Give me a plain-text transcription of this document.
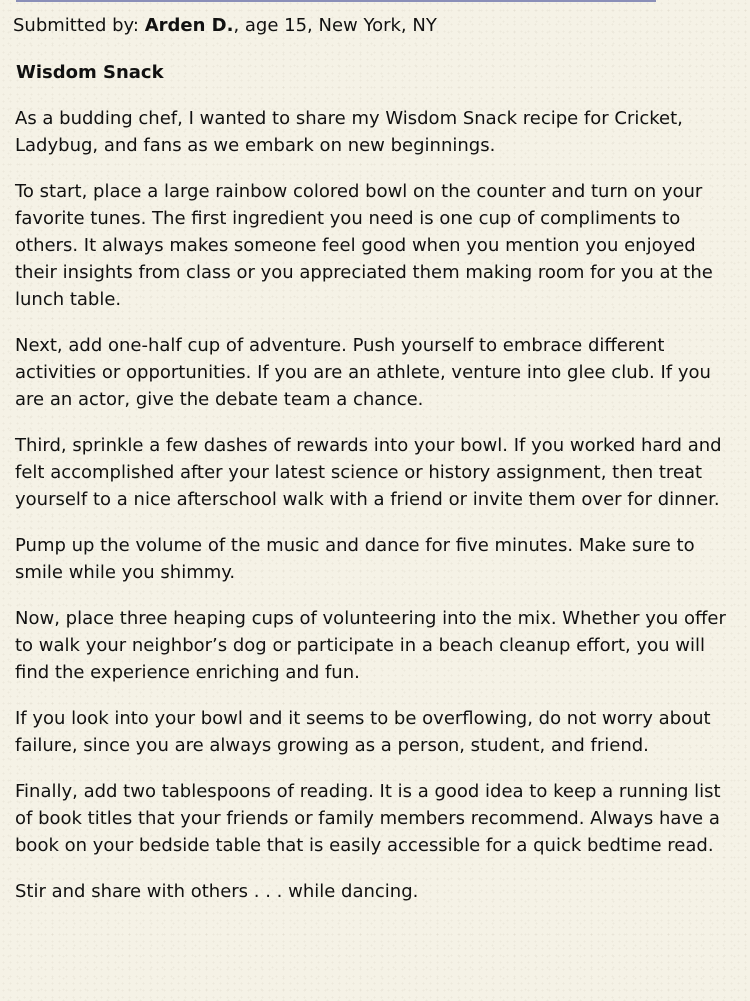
Submitted by: Arden D., age 15, New York, NY
Wisdom Snack

As a budding chef, I wanted to share my Wisdom Snack recipe for Cricket, Ladybug, and fans as we embark on new beginnings.

To start, place a large rainbow colored bowl on the counter and turn on your favorite tunes. The first ingredient you need is one cup of compliments to others. It always makes someone feel good when you mention you enjoyed their insights from class or you appreciated them making room for you at the lunch table.

Next, add one-half cup of adventure. Push yourself to embrace different activities or opportunities. If you are an athlete, venture into glee club. If you are an actor, give the debate team a chance.

Third, sprinkle a few dashes of rewards into your bowl. If you worked hard and felt accomplished after your latest science or history assignment, then treat yourself to a nice afterschool walk with a friend or invite them over for dinner.

Pump up the volume of the music and dance for five minutes. Make sure to smile while you shimmy.

Now, place three heaping cups of volunteering into the mix. Whether you offer to walk your neighbor’s dog or participate in a beach cleanup effort, you will find the experience enriching and fun.

If you look into your bowl and it seems to be overflowing, do not worry about failure, since you are always growing as a person, student, and friend.

Finally, add two tablespoons of reading. It is a good idea to keep a running list of book titles that your friends or family members recommend. Always have a book on your bedside table that is easily accessible for a quick bedtime read.

Stir and share with others . . . while dancing.
